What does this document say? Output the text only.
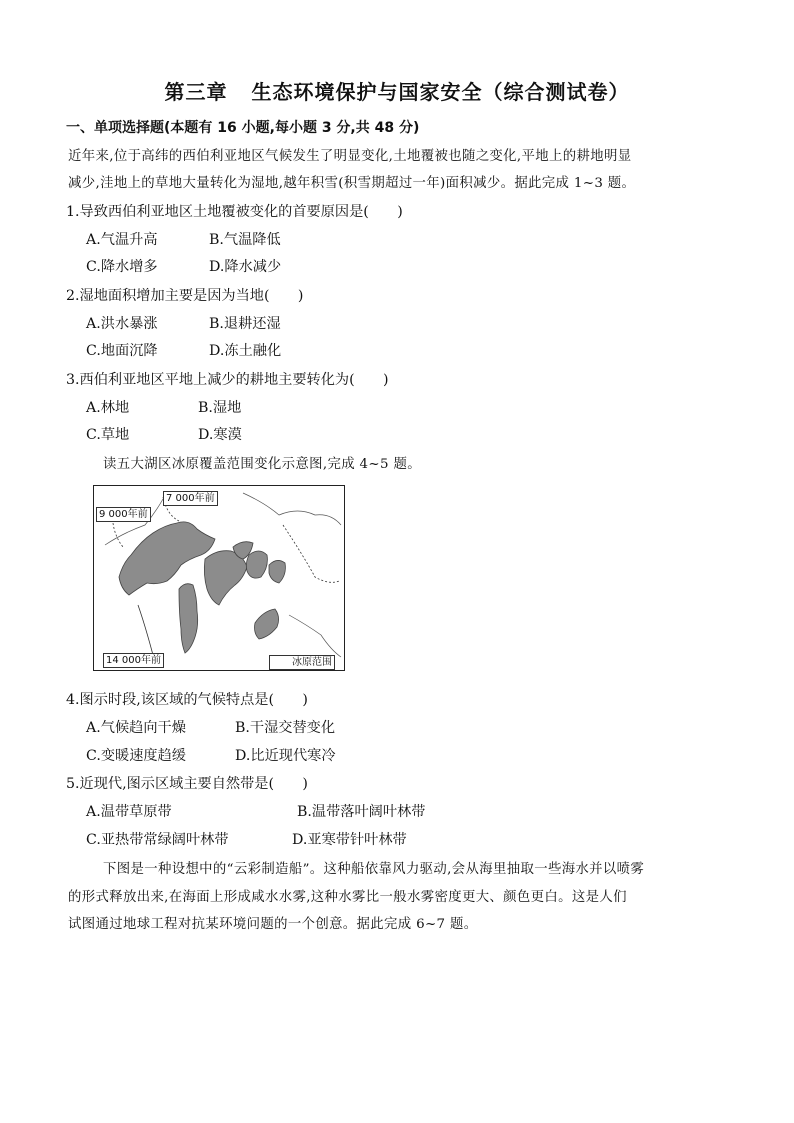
第三章 生态环境保护与国家安全（综合测试卷）
一、单项选择题(本题有 16 小题,每小题 3 分,共 48 分)
近年来,位于高纬的西伯利亚地区气候发生了明显变化,土地覆被也随之变化,平地上的耕地明显
减少,洼地上的草地大量转化为湿地,越年积雪(积雪期超过一年)面积减少。据此完成 1~3 题。
1.导致西伯利亚地区土地覆被变化的首要原因是(　　)
A.气温升高	B.气温降低
C.降水增多	D.降水减少
2.湿地面积增加主要是因为当地(　　)
A.洪水暴涨	B.退耕还湿
C.地面沉降	D.冻土融化
3.西伯利亚地区平地上减少的耕地主要转化为(　　)
A.林地	B.湿地
C.草地	D.寒漠
读五大湖区冰原覆盖范围变化示意图,完成 4~5 题。
7 000年前
9 000年前
14 000年前	冰原范围
4.图示时段,该区域的气候特点是(　　)
A.气候趋向干燥	B.干湿交替变化
C.变暖速度趋缓	D.比近现代寒冷
5.近现代,图示区域主要自然带是(　　)
A.温带草原带	B.温带落叶阔叶林带
C.亚热带常绿阔叶林带	D.亚寒带针叶林带
下图是一种设想中的“云彩制造船”。这种船依靠风力驱动,会从海里抽取一些海水并以喷雾
的形式释放出来,在海面上形成咸水水雾,这种水雾比一般水雾密度更大、颜色更白。这是人们
试图通过地球工程对抗某环境问题的一个创意。据此完成 6~7 题。
